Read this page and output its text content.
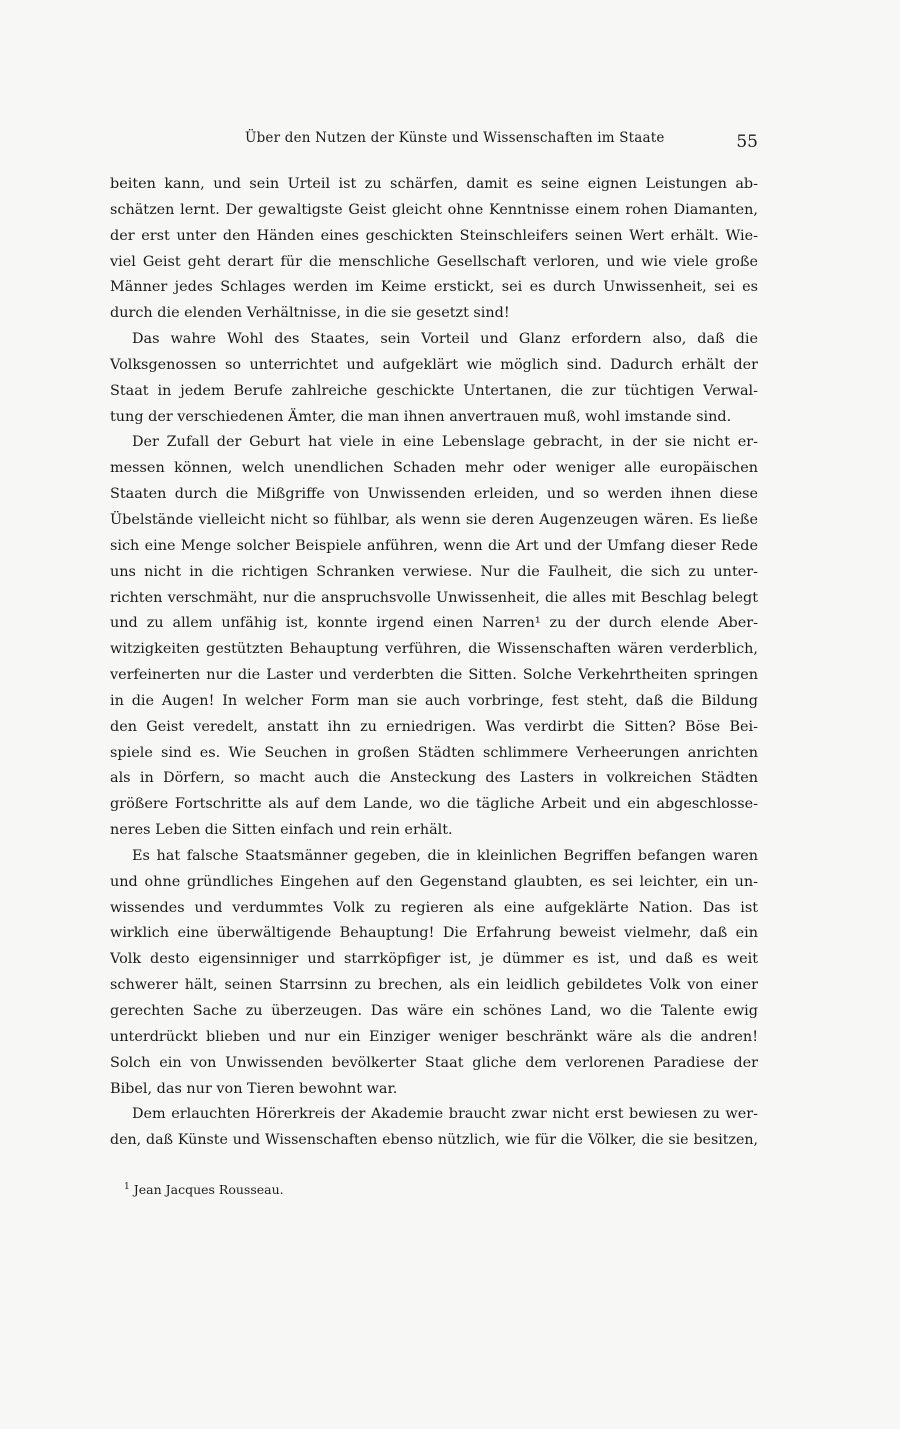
Über den Nutzen der Künste und Wissenschaften im Staate	55
beiten kann, und sein Urteil ist zu schärfen, damit es seine eignen Leistungen ab-
schätzen lernt. Der gewaltigste Geist gleicht ohne Kenntnisse einem rohen Diamanten,
der erst unter den Händen eines geschickten Steinschleifers seinen Wert erhält. Wie-
viel Geist geht derart für die menschliche Gesellschaft verloren, und wie viele große
Männer jedes Schlages werden im Keime erstickt, sei es durch Unwissenheit, sei es
durch die elenden Verhältnisse, in die sie gesetzt sind!
Das wahre Wohl des Staates, sein Vorteil und Glanz erfordern also, daß die
Volksgenossen so unterrichtet und aufgeklärt wie möglich sind. Dadurch erhält der
Staat in jedem Berufe zahlreiche geschickte Untertanen, die zur tüchtigen Verwal-
tung der verschiedenen Ämter, die man ihnen anvertrauen muß, wohl imstande sind.
Der Zufall der Geburt hat viele in eine Lebenslage gebracht, in der sie nicht er-
messen können, welch unendlichen Schaden mehr oder weniger alle europäischen
Staaten durch die Mißgriffe von Unwissenden erleiden, und so werden ihnen diese
Übelstände vielleicht nicht so fühlbar, als wenn sie deren Augenzeugen wären. Es ließe
sich eine Menge solcher Beispiele anführen, wenn die Art und der Umfang dieser Rede
uns nicht in die richtigen Schranken verwiese. Nur die Faulheit, die sich zu unter-
richten verschmäht, nur die anspruchsvolle Unwissenheit, die alles mit Beschlag belegt
und zu allem unfähig ist, konnte irgend einen Narren¹ zu der durch elende Aber-
witzigkeiten gestützten Behauptung verführen, die Wissenschaften wären verderblich,
verfeinerten nur die Laster und verderbten die Sitten. Solche Verkehrtheiten springen
in die Augen! In welcher Form man sie auch vorbringe, fest steht, daß die Bildung
den Geist veredelt, anstatt ihn zu erniedrigen. Was verdirbt die Sitten? Böse Bei-
spiele sind es. Wie Seuchen in großen Städten schlimmere Verheerungen anrichten
als in Dörfern, so macht auch die Ansteckung des Lasters in volkreichen Städten
größere Fortschritte als auf dem Lande, wo die tägliche Arbeit und ein abgeschlosse-
neres Leben die Sitten einfach und rein erhält.
Es hat falsche Staatsmänner gegeben, die in kleinlichen Begriffen befangen waren
und ohne gründliches Eingehen auf den Gegenstand glaubten, es sei leichter, ein un-
wissendes und verdummtes Volk zu regieren als eine aufgeklärte Nation. Das ist
wirklich eine überwältigende Behauptung! Die Erfahrung beweist vielmehr, daß ein
Volk desto eigensinniger und starrköpfiger ist, je dümmer es ist, und daß es weit
schwerer hält, seinen Starrsinn zu brechen, als ein leidlich gebildetes Volk von einer
gerechten Sache zu überzeugen. Das wäre ein schönes Land, wo die Talente ewig
unterdrückt blieben und nur ein Einziger weniger beschränkt wäre als die andren!
Solch ein von Unwissenden bevölkerter Staat gliche dem verlorenen Paradiese der
Bibel, das nur von Tieren bewohnt war.
Dem erlauchten Hörerkreis der Akademie braucht zwar nicht erst bewiesen zu wer-
den, daß Künste und Wissenschaften ebenso nützlich, wie für die Völker, die sie besitzen,
$^1$ Jean Jacques Rousseau.
